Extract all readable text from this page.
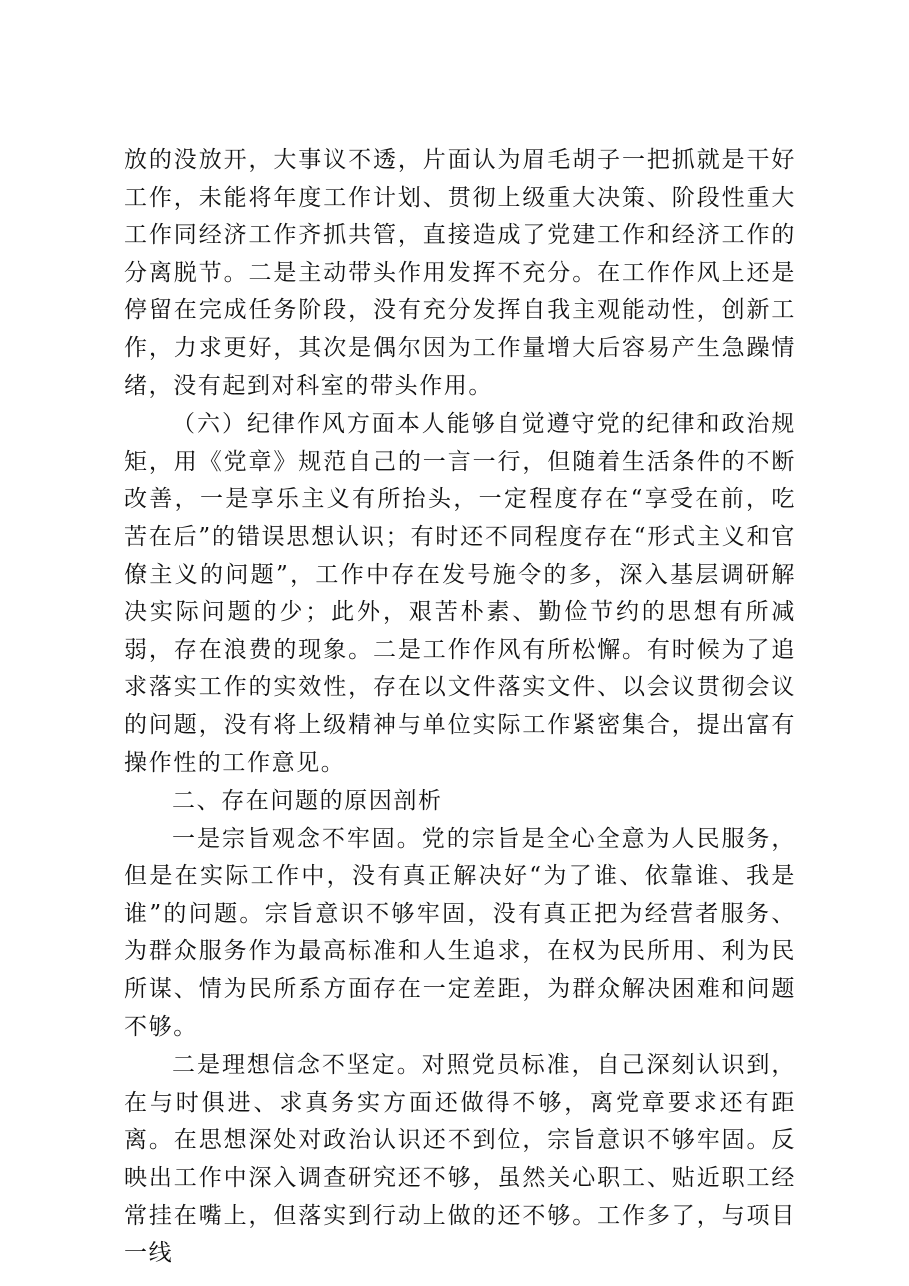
放的没放开，大事议不透，片面认为眉毛胡子一把抓就是干好工作，未能将年度工作计划、贯彻上级重大决策、阶段性重大工作同经济工作齐抓共管，直接造成了党建工作和经济工作的分离脱节。二是主动带头作用发挥不充分。在工作作风上还是停留在完成任务阶段，没有充分发挥自我主观能动性，创新工作，力求更好，其次是偶尔因为工作量增大后容易产生急躁情绪，没有起到对科室的带头作用。

（六）纪律作风方面本人能够自觉遵守党的纪律和政治规矩，用《党章》规范自己的一言一行，但随着生活条件的不断改善，一是享乐主义有所抬头，一定程度存在“享受在前，吃苦在后”的错误思想认识；有时还不同程度存在“形式主义和官僚主义的问题”，工作中存在发号施令的多，深入基层调研解决实际问题的少；此外，艰苦朴素、勤俭节约的思想有所减弱，存在浪费的现象。二是工作作风有所松懈。有时候为了追求落实工作的实效性，存在以文件落实文件、以会议贯彻会议的问题，没有将上级精神与单位实际工作紧密集合，提出富有操作性的工作意见。

二、存在问题的原因剖析

一是宗旨观念不牢固。党的宗旨是全心全意为人民服务，但是在实际工作中，没有真正解决好“为了谁、依靠谁、我是谁”的问题。宗旨意识不够牢固，没有真正把为经营者服务、为群众服务作为最高标准和人生追求，在权为民所用、利为民所谋、情为民所系方面存在一定差距，为群众解决困难和问题不够。

二是理想信念不坚定。对照党员标准，自己深刻认识到，在与时俱进、求真务实方面还做得不够，离党章要求还有距离。在思想深处对政治认识还不到位，宗旨意识不够牢固。反映出工作中深入调查研究还不够，虽然关心职工、贴近职工经常挂在嘴上，但落实到行动上做的还不够。工作多了，与项目一线
